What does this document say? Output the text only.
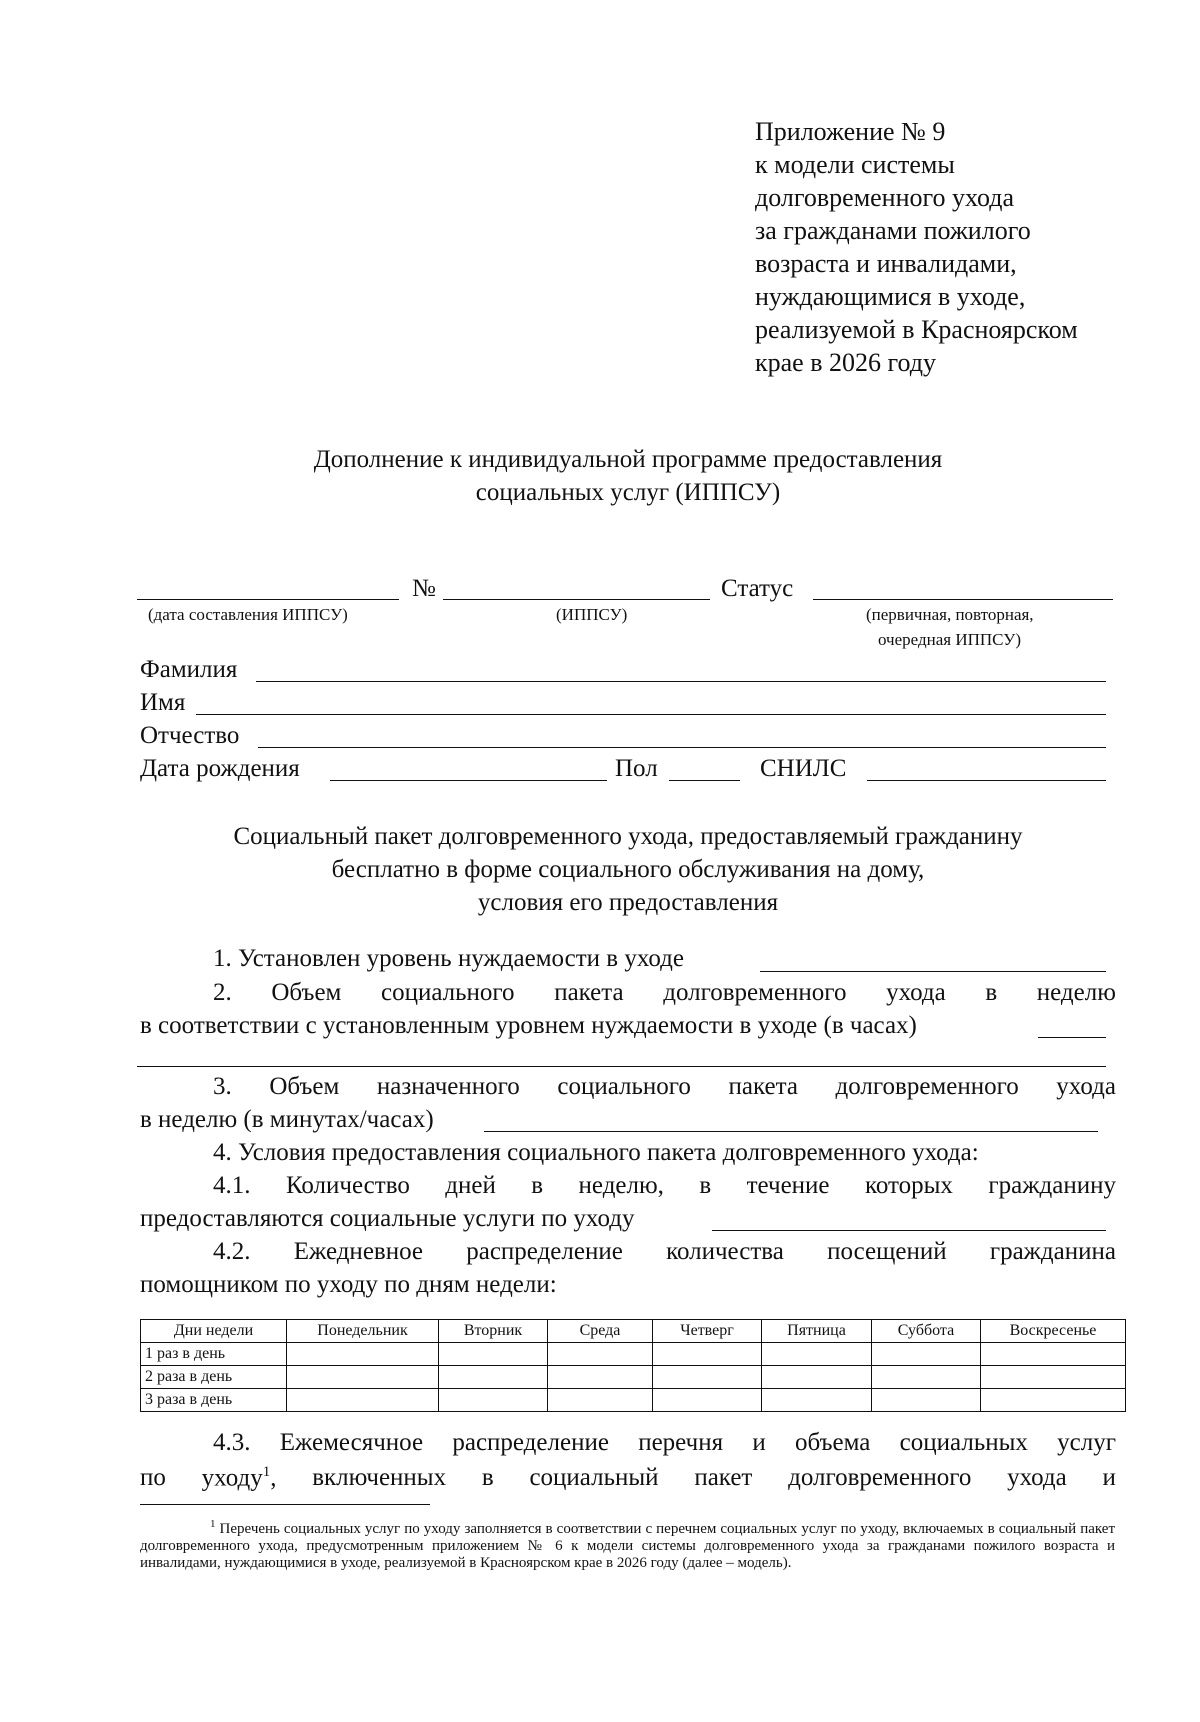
Приложение № 9
к модели системы
долговременного ухода
за гражданами пожилого
возраста и инвалидами,
нуждающимися в уходе,
реализуемой в Красноярском
крае в 2026 году
Дополнение к индивидуальной программе предоставления
социальных услуг (ИППСУ)
№	Статус
(дата составления ИППСУ)	(ИППСУ)	(первичная, повторная,
очередная ИППСУ)
Фамилия
Имя
Отчество
Дата рождения	Пол	СНИЛС
Социальный пакет долговременного ухода, предоставляемый гражданину
бесплатно в форме социального обслуживания на дому,
условия его предоставления
1. Установлен уровень нуждаемости в уходе
2. Объем социального пакета долговременного ухода в неделю
в соответствии с установленным уровнем нуждаемости в уходе (в часах)
3. Объем назначенного социального пакета долговременного ухода
в неделю (в минутах/часах)
4. Условия предоставления социального пакета долговременного ухода:
4.1. Количество дней в неделю, в течение которых гражданину
предоставляются социальные услуги по уходу
4.2. Ежедневное распределение количества посещений гражданина
помощником по уходу по дням недели:
Дни недели	Понедельник	Вторник	Среда	Четверг	Пятница	Суббота	Воскресенье
1 раз в день							
2 раза в день							
3 раза в день							
4.3. Ежемесячное распределение перечня и объема социальных услуг
по уходу$^1$, включенных в социальный пакет долговременного ухода и
$^1$ Перечень социальных услуг по уходу заполняется в соответствии с перечнем социальных услуг по уходу, включаемых в социальный пакет долговременного ухода, предусмотренным приложением № 6 к модели системы долговременного ухода за гражданами пожилого возраста и инвалидами, нуждающимися в уходе, реализуемой в Красноярском крае в 2026 году (далее – модель).
